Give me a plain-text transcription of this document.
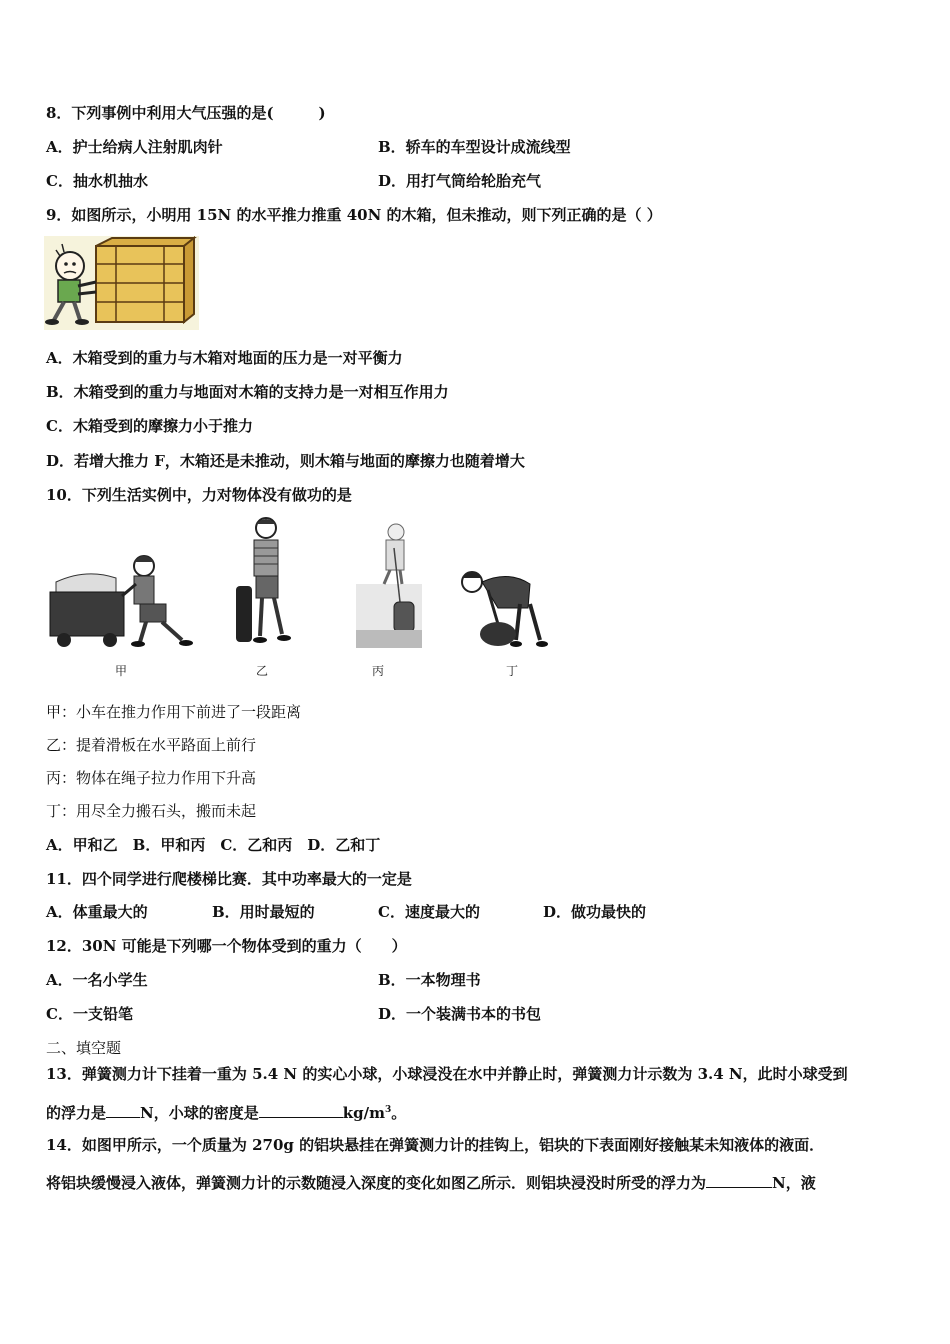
8．下列事例中利用大气压强的是(　　　)
A．护士给病人注射肌肉针	B．轿车的车型设计成流线型
C．抽水机抽水	D．用打气筒给轮胎充气
9．如图所示，小明用 15N 的水平推力推重 40N 的木箱，但未推动，则下列正确的是（ ）
A．木箱受到的重力与木箱对地面的压力是一对平衡力
B．木箱受到的重力与地面对木箱的支持力是一对相互作用力
C．木箱受到的摩擦力小于推力
D．若增大推力 F，木箱还是未推动，则木箱与地面的摩擦力也随着增大
10．下列生活实例中，力对物体没有做功的是
甲	乙	丙	丁
甲：小车在推力作用下前进了一段距离
乙：提着滑板在水平路面上前行
丙：物体在绳子拉力作用下升高
丁：用尽全力搬石头，搬而未起
A．甲和乙　B．甲和丙　C．乙和丙　D．乙和丁
11．四个同学进行爬楼梯比赛．其中功率最大的一定是
A．体重最大的	B．用时最短的	C．速度最大的	D．做功最快的
12．30N 可能是下列哪一个物体受到的重力（　　）
A．一名小学生	B．一本物理书
C．一支铅笔	D．一个装满书本的书包
二、填空题
13．弹簧测力计下挂着一重为 5.4 N 的实心小球，小球浸没在水中并静止时，弹簧测力计示数为 3.4 N，此时小球受到
的浮力是 N，小球的密度是	$kg/m^3$。
14．如图甲所示，一个质量为 270g 的铝块悬挂在弹簧测力计的挂钩上，铝块的下表面刚好接触某未知液体的液面．
将铝块缓慢浸入液体，弹簧测力计的示数随浸入深度的变化如图乙所示．则铝块浸没时所受的浮力为	N，液
